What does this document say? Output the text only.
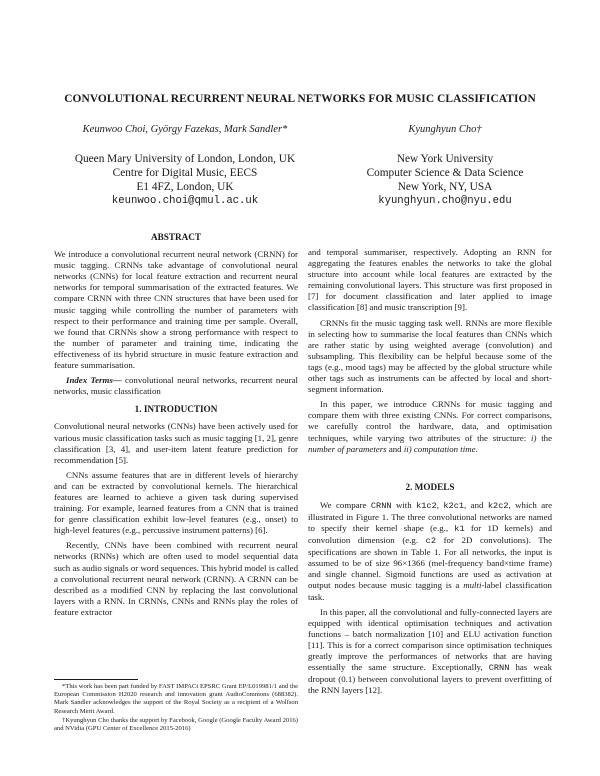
CONVOLUTIONAL RECURRENT NEURAL NETWORKS FOR MUSIC CLASSIFICATION
Keunwoo Choi, György Fazekas, Mark Sandler*
Queen Mary University of London, London, UK
Centre for Digital Music, EECS
E1 4FZ, London, UK
keunwoo.choi@qmul.ac.uk
Kyunghyun Cho†
New York University
Computer Science & Data Science
New York, NY, USA
kyunghyun.cho@nyu.edu
ABSTRACT

We introduce a convolutional recurrent neural network (CRNN) for music tagging. CRNNs take advantage of convolutional neural networks (CNNs) for local feature extraction and recurrent neural networks for temporal summarisation of the extracted features. We compare CRNN with three CNN structures that have been used for music tagging while controlling the number of parameters with respect to their performance and training time per sample. Overall, we found that CRNNs show a strong performance with respect to the number of parameter and training time, indicating the effectiveness of its hybrid structure in music feature extraction and feature summarisation.

Index Terms— convolutional neural networks, recurrent neural networks, music classification

1. INTRODUCTION

Convolutional neural networks (CNNs) have been actively used for various music classification tasks such as music tagging [1, 2], genre classification [3, 4], and user-item latent feature prediction for recommendation [5].

CNNs assume features that are in different levels of hierarchy and can be extracted by convolutional kernels. The hierarchical features are learned to achieve a given task during supervised training. For example, learned features from a CNN that is trained for genre classification exhibit low-level features (e.g., onset) to high-level features (e.g., percussive instrument patterns) [6].

Recently, CNNs have been combined with recurrent neural networks (RNNs) which are often used to model sequential data such as audio signals or word sequences. This hybrid model is called a convolutional recurrent neural network (CRNN). A CRNN can be described as a modified CNN by replacing the last convolutional layers with a RNN. In CRNNs, CNNs and RNNs play the roles of feature extractor

*This work has been part funded by FAST IMPACt EPSRC Grant EP/L019981/1 and the European Commission H2020 research and innovation grant AudioCommons (688382). Mark Sandler acknowledges the support of the Royal Society as a recipient of a Wolfson Research Merit Award.

†Kyunghyun Cho thanks the support by Facebook, Google (Google Faculty Award 2016) and NVidia (GPU Center of Excellence 2015-2016)

and temporal summariser, respectively. Adopting an RNN for aggregating the features enables the networks to take the global structure into account while local features are extracted by the remaining convolutional layers. This structure was first proposed in [7] for document classification and later applied to image classification [8] and music transcription [9].

CRNNs fit the music tagging task well. RNNs are more flexible in selecting how to summarise the local features than CNNs which are rather static by using weighted average (convolution) and subsampling. This flexibility can be helpful because some of the tags (e.g., mood tags) may be affected by the global structure while other tags such as instruments can be affected by local and short-segment information.

In this paper, we introduce CRNNs for music tagging and compare them with three existing CNNs. For correct comparisons, we carefully control the hardware, data, and optimisation techniques, while varying two attributes of the structure: i) the number of parameters and ii) computation time.

2. MODELS

We compare CRNN with k1c2, k2c1, and k2c2, which are illustrated in Figure 1. The three convolutional networks are named to specify their kernel shape (e.g., k1 for 1D kernels) and convolution dimension (e.g. c2 for 2D convolutions). The specifications are shown in Table 1. For all networks, the input is assumed to be of size 96×1366 (mel-frequency band×time frame) and single channel. Sigmoid functions are used as activation at output nodes because music tagging is a multi-label classification task.

In this paper, all the convolutional and fully-connected layers are equipped with identical optimisation techniques and activation functions – batch normalization [10] and ELU activation function [11]. This is for a correct comparison since optimisation techniques greatly improve the performances of networks that are having essentially the same structure. Exceptionally, CRNN has weak dropout (0.1) between convolutional layers to prevent overfitting of the RNN layers [12].
